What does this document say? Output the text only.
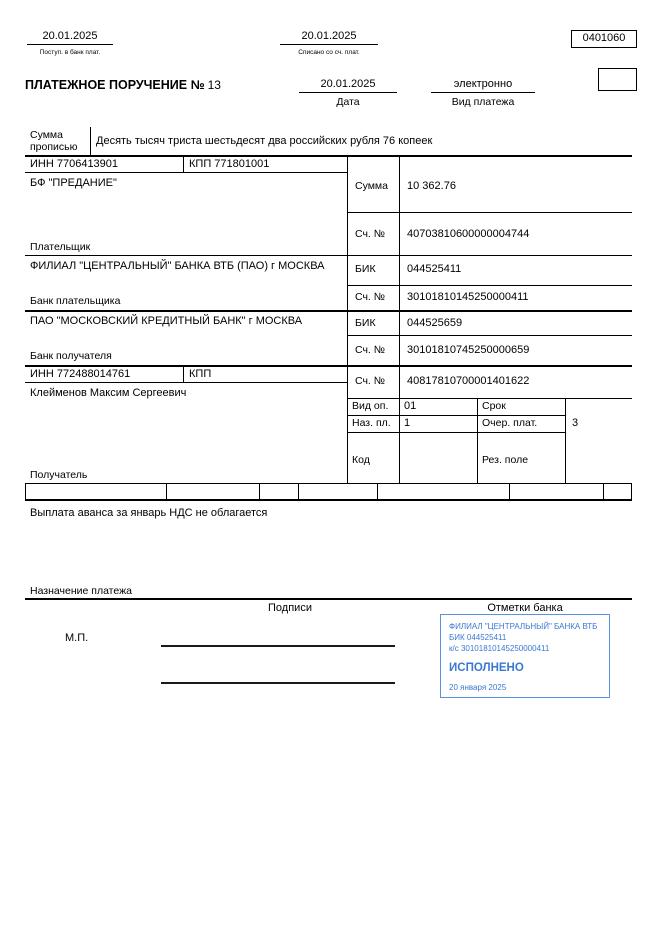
20.01.2025
Поступ. в банк плат.
20.01.2025
Списано со сч. плат.
0401060
ПЛАТЕЖНОЕ ПОРУЧЕНИЕ № 13	20.01.2025
Дата
электронно
Вид платежа
Сумма прописью	Десять тысяч триста шестьдесят два российских рубля 76 копеек
ИНН 7706413901	КПП 771801001
БФ "ПРЕДАНИЕ"
Плательщик
Сумма 10 362.76
Сч. № 40703810600000004744
ФИЛИАЛ "ЦЕНТРАЛЬНЫЙ" БАНКА ВТБ (ПАО) г МОСКВА
Банк плательщика
БИК	044525411
Сч. № 30101810145250000411
ПАО "МОСКОВСКИЙ КРЕДИТНЫЙ БАНК" г МОСКВА
Банк получателя
БИК	044525659
Сч. № 30101810745250000659
ИНН 772488014761	КПП
Клейменов Максим Сергеевич
Получатель
Сч. № 40817810700001401622
Вид оп. 01	Срок
Наз. пл. 1	Очер. плат.	3
Код	Рез. поле
Выплата аванса за январь НДС не облагается
Назначение платежа
Подписи	Отметки банка
М.П.
ФИЛИАЛ "ЦЕНТРАЛЬНЫЙ" БАНКА ВТБ
БИК 044525411
к/с 30101810145250000411
ИСПОЛНЕНО
20 января 2025
